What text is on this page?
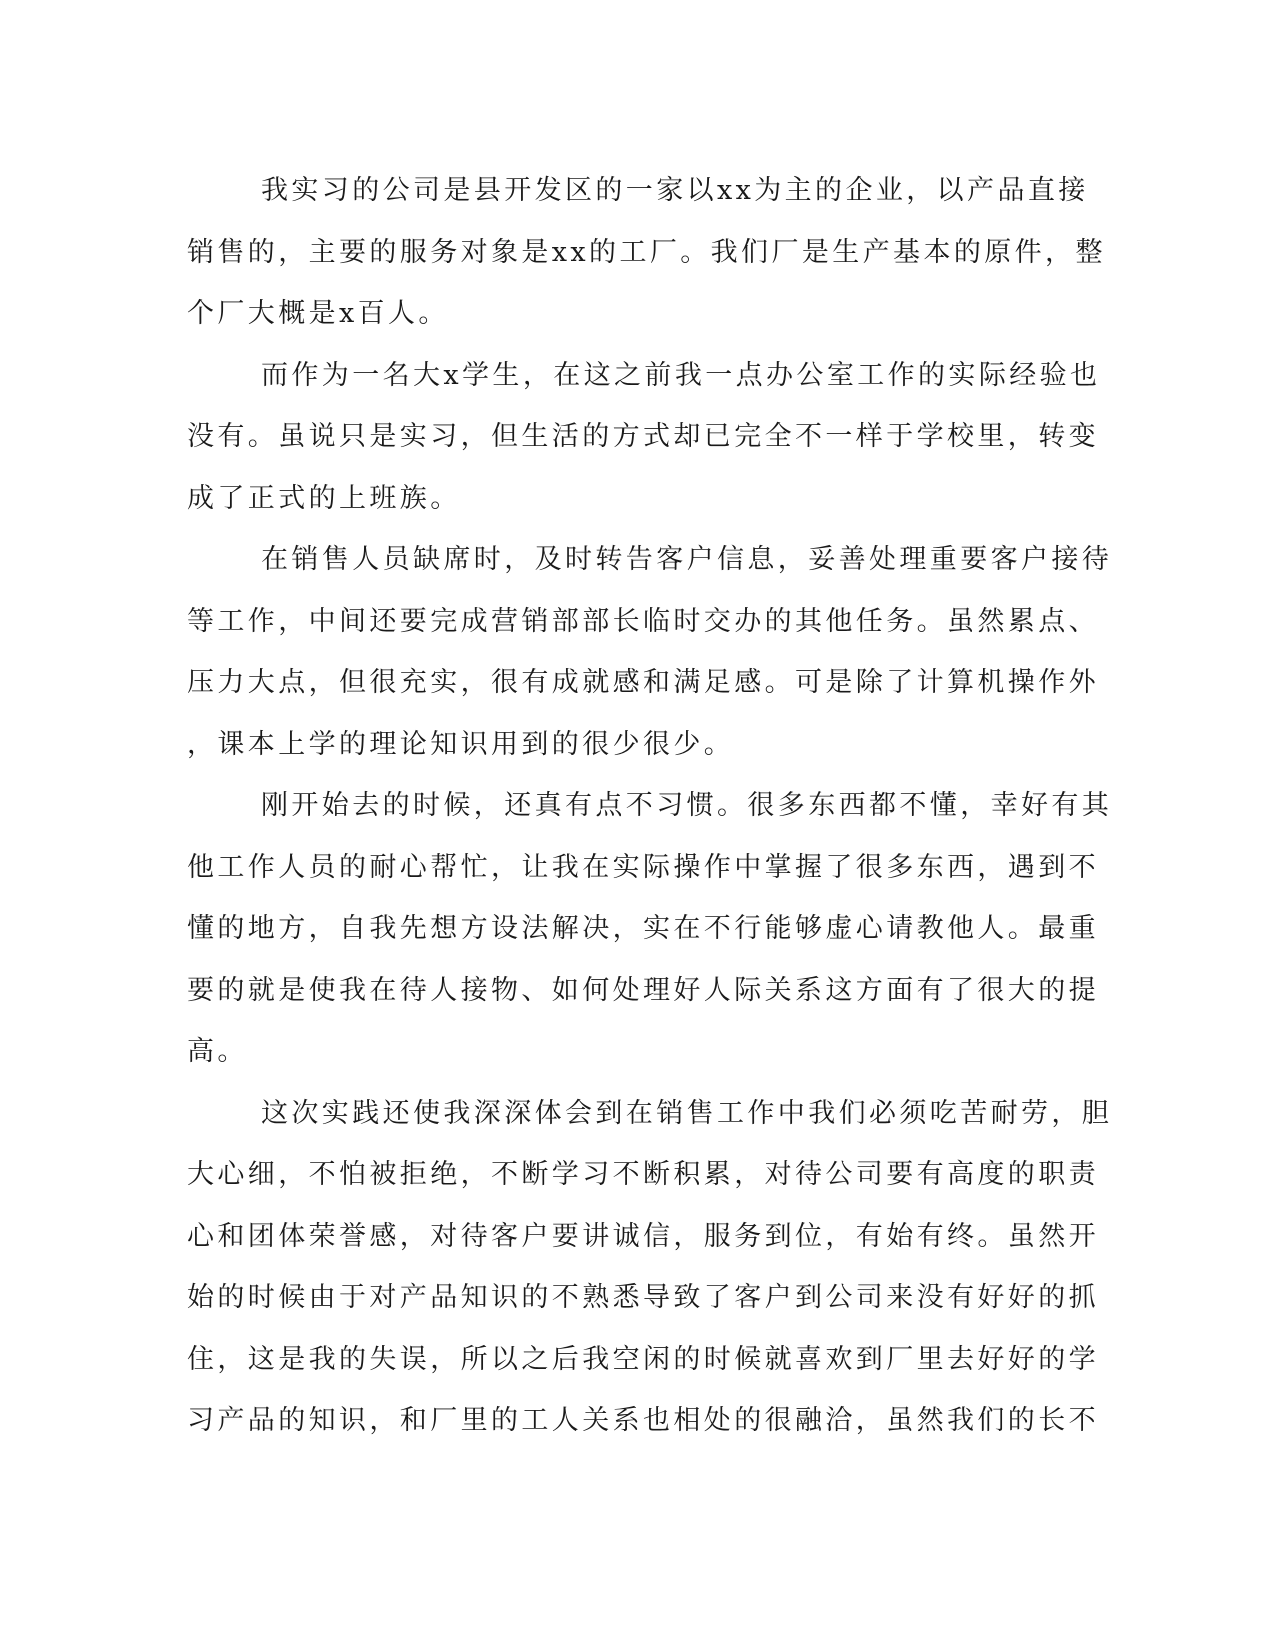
我实习的公司是县开发区的一家以xx为主的企业，以产品直接
销售的，主要的服务对象是xx的工厂。我们厂是生产基本的原件，整
个厂大概是x百人。
而作为一名大x学生，在这之前我一点办公室工作的实际经验也
没有。虽说只是实习，但生活的方式却已完全不一样于学校里，转变
成了正式的上班族。
在销售人员缺席时，及时转告客户信息，妥善处理重要客户接待
等工作，中间还要完成营销部部长临时交办的其他任务。虽然累点、
压力大点，但很充实，很有成就感和满足感。可是除了计算机操作外
，课本上学的理论知识用到的很少很少。
刚开始去的时候，还真有点不习惯。很多东西都不懂，幸好有其
他工作人员的耐心帮忙，让我在实际操作中掌握了很多东西，遇到不
懂的地方，自我先想方设法解决，实在不行能够虚心请教他人。最重
要的就是使我在待人接物、如何处理好人际关系这方面有了很大的提
高。
这次实践还使我深深体会到在销售工作中我们必须吃苦耐劳，胆
大心细，不怕被拒绝，不断学习不断积累，对待公司要有高度的职责
心和团体荣誉感，对待客户要讲诚信，服务到位，有始有终。虽然开
始的时候由于对产品知识的不熟悉导致了客户到公司来没有好好的抓
住，这是我的失误，所以之后我空闲的时候就喜欢到厂里去好好的学
习产品的知识，和厂里的工人关系也相处的很融洽，虽然我们的长不
